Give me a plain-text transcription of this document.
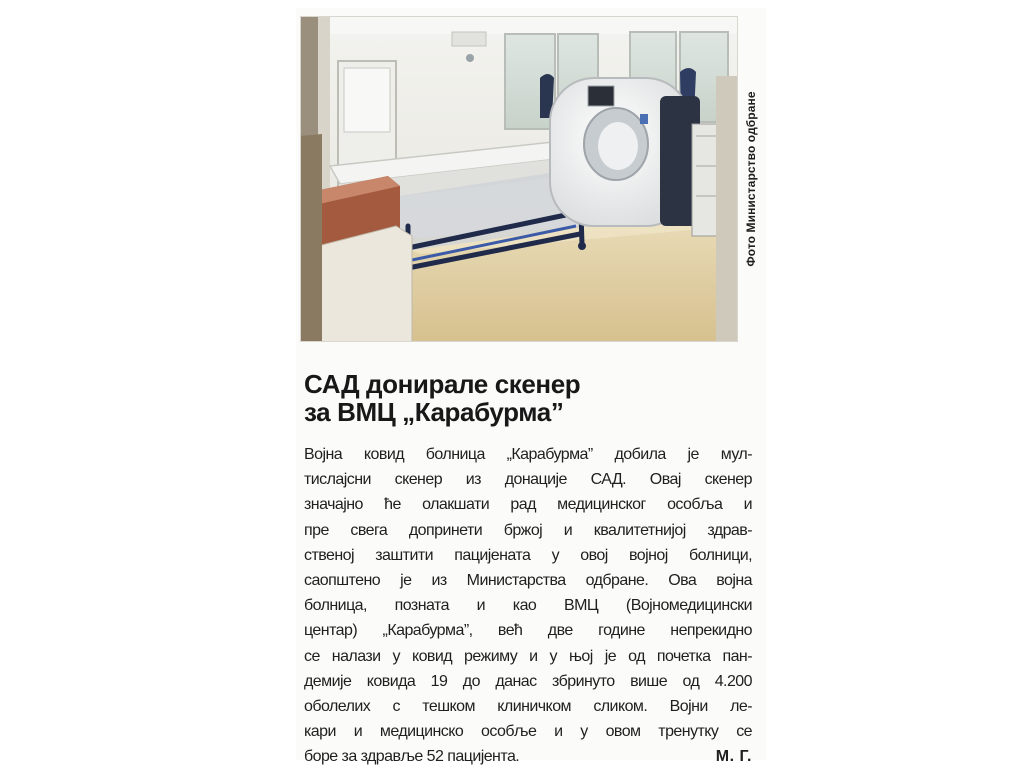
Фото Министарство одбране
САД донирале скенер
за ВМЦ „Карабурма”
Војна ковид болница „Карабурма” добила је мул-
тислајсни скенер из донације САД. Овај скенер
значајно ће олакшати рад медицинског особља и
пре свега допринети бржој и квалитетнијој здрав-
ственој заштити пацијената у овој војној болници,
саопштено је из Министарства одбране. Ова војна
болница, позната и као ВМЦ (Војномедицински
центар) „Карабурма”, већ две године непрекидно
се налази у ковид режиму и у њој је од почетка пан-
демије ковида 19 до данас збринуто више од 4.200
оболелих с тешком клиничком сликом. Војни ле-
кари и медицинско особље и у овом тренутку се
боре за здравље 52 пацијента.	М. Г.
